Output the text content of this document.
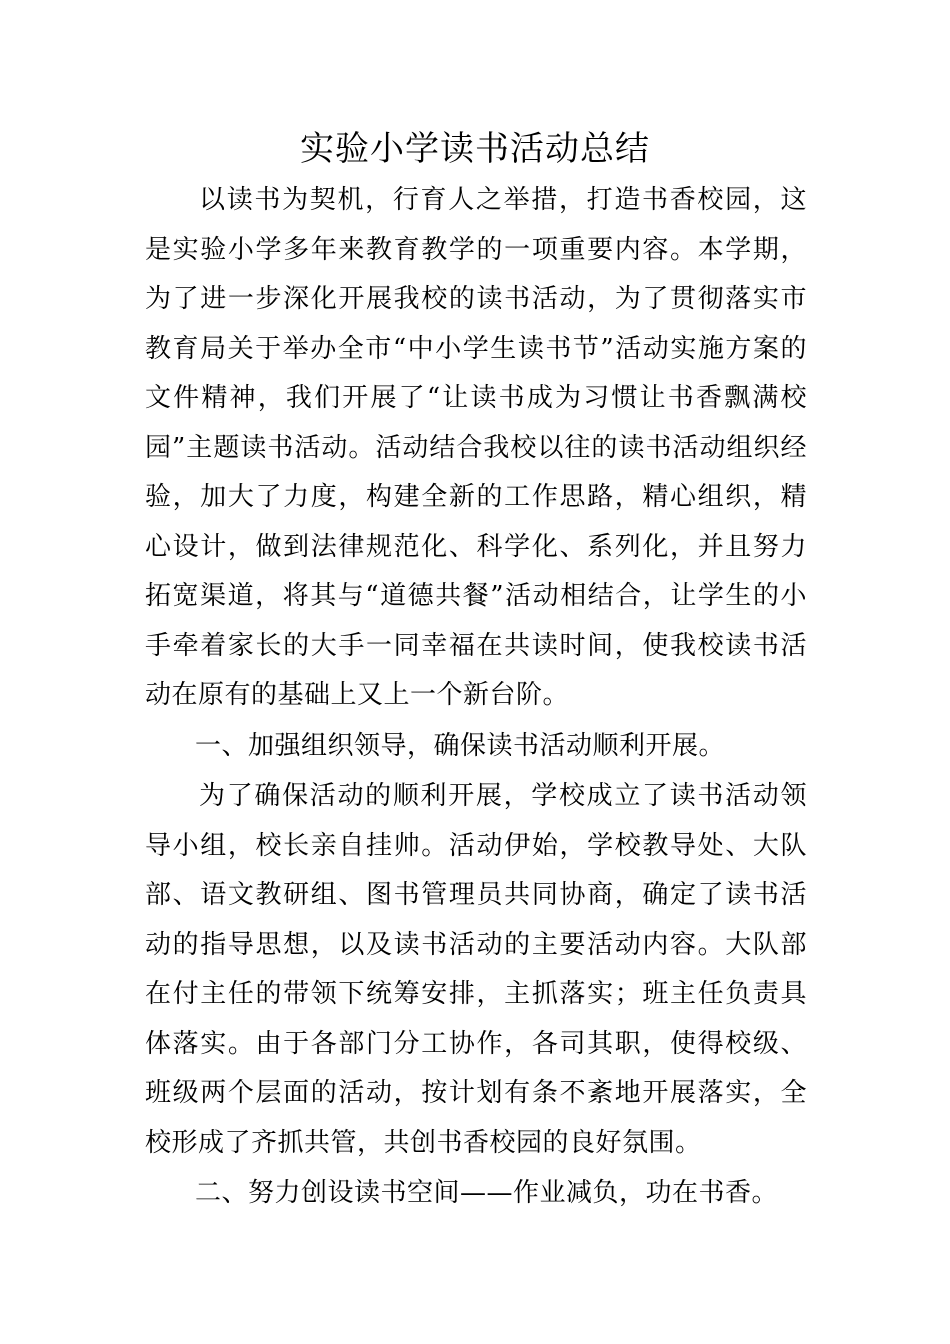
实验小学读书活动总结

以读书为契机，行育人之举措，打造书香校园，这是实验小学多年来教育教学的一项重要内容。本学期，为了进一步深化开展我校的读书活动，为了贯彻落实市教育局关于举办全市“中小学生读书节”活动实施方案的文件精神，我们开展了“让读书成为习惯让书香飘满校园”主题读书活动。活动结合我校以往的读书活动组织经验，加大了力度，构建全新的工作思路，精心组织，精心设计，做到法律规范化、科学化、系列化，并且努力拓宽渠道，将其与“道德共餐”活动相结合，让学生的小手牵着家长的大手一同幸福在共读时间，使我校读书活动在原有的基础上又上一个新台阶。

一、加强组织领导，确保读书活动顺利开展。

为了确保活动的顺利开展，学校成立了读书活动领导小组，校长亲自挂帅。活动伊始，学校教导处、大队部、语文教研组、图书管理员共同协商，确定了读书活动的指导思想，以及读书活动的主要活动内容。大队部在付主任的带领下统筹安排，主抓落实；班主任负责具体落实。由于各部门分工协作，各司其职，使得校级、班级两个层面的活动，按计划有条不紊地开展落实，全校形成了齐抓共管，共创书香校园的良好氛围。

二、努力创设读书空间——作业减负，功在书香。
